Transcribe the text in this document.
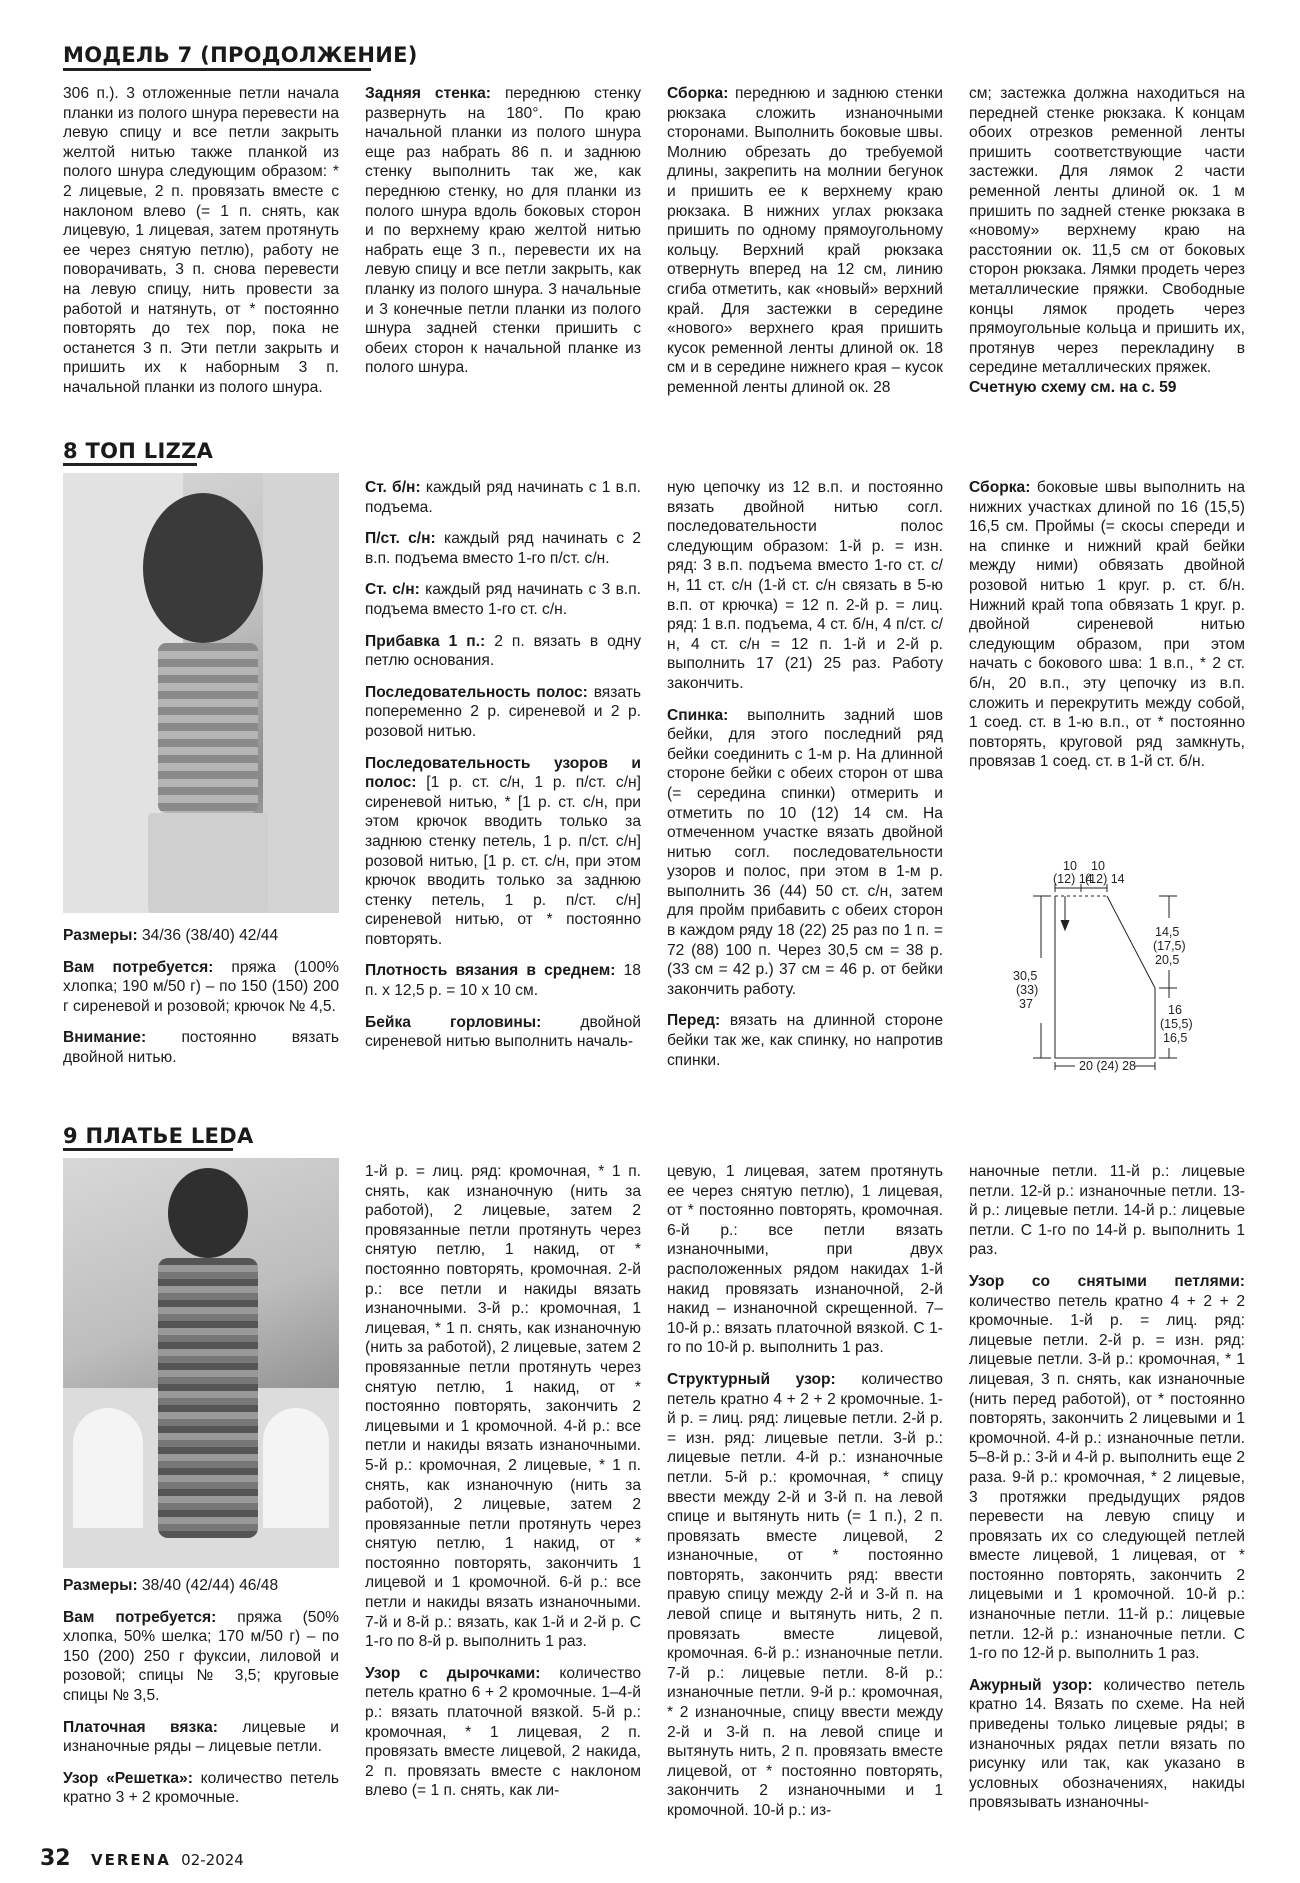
МОДЕЛЬ 7 (ПРОДОЛЖЕНИЕ)

306 п.). 3 отложенные петли начала планки из полого шнура перевести на левую спицу и все петли закрыть желтой нитью также планкой из полого шнура следующим образом: * 2 лицевые, 2 п. провязать вместе с наклоном влево (= 1 п. снять, как лицевую, 1 лицевая, затем протянуть ее через снятую петлю), работу не поворачивать, 3 п. снова перевести на левую спицу, нить провести за работой и натянуть, от * постоянно повторять до тех пор, пока не останется 3 п. Эти петли закрыть и пришить их к наборным 3 п. начальной планки из полого шнура.

Задняя стенка: переднюю стенку развернуть на 180°. По краю начальной планки из полого шнура еще раз набрать 86 п. и заднюю стенку выполнить так же, как переднюю стенку, но для планки из полого шнура вдоль боковых сторон и по верхнему краю желтой нитью набрать еще 3 п., перевести их на левую спицу и все петли закрыть, как планку из полого шнура. 3 начальные и 3 конечные петли планки из полого шнура задней стенки пришить с обеих сторон к начальной планке из полого шнура.

Сборка: переднюю и заднюю стенки рюкзака сложить изнаночными сторонами. Выполнить боковые швы. Молнию обрезать до требуемой длины, закрепить на молнии бегунок и пришить ее к верхнему краю рюкзака. В нижних углах рюкзака пришить по одному прямоугольному кольцу. Верхний край рюкзака отвернуть вперед на 12 см, линию сгиба отметить, как «новый» верхний край. Для застежки в середине «нового» верхнего края пришить кусок ременной ленты длиной ок. 18 см и в середине нижнего края – кусок ременной ленты длиной ок. 28

см; застежка должна находиться на передней стенке рюкзака. К концам обоих отрезков ременной ленты пришить соответствующие части застежки. Для лямок 2 части ременной ленты длиной ок. 1 м пришить по задней стенке рюкзака в «новому» верхнему краю на расстоянии ок. 11,5 см от боковых сторон рюкзака. Лямки продеть через металлические пряжки. Свободные концы лямок продеть через прямоугольные кольца и пришить их, протянув через перекладину в середине металлических пряжек.

Счетную схему см. на с. 59

8 ТОП LIZZA

Размеры: 34/36 (38/40) 42/44

Вам потребуется: пряжа (100% хлопка; 190 м/50 г) – по 150 (150) 200 г сиреневой и розовой; крючок № 4,5.

Внимание: постоянно вязать двойной нитью.

Ст. б/н: каждый ряд начинать с 1 в.п. подъема.

П/ст. с/н: каждый ряд начинать с 2 в.п. подъема вместо 1-го п/ст. с/н.

Ст. с/н: каждый ряд начинать с 3 в.п. подъема вместо 1-го ст. с/н.

Прибавка 1 п.: 2 п. вязать в одну петлю основания.

Последовательность полос: вязать попеременно 2 р. сиреневой и 2 р. розовой нитью.

Последовательность узоров и полос: [1 р. ст. с/н, 1 р. п/ст. с/н] сиреневой нитью, * [1 р. ст. с/н, при этом крючок вводить только за заднюю стенку петель, 1 р. п/ст. с/н] розовой нитью, [1 р. ст. с/н, при этом крючок вводить только за заднюю стенку петель, 1 р. п/ст. с/н] сиреневой нитью, от * постоянно повторять.

Плотность вязания в среднем: 18 п. х 12,5 р. = 10 х 10 см.

Бейка горловины: двойной сиреневой нитью выполнить началь-

ную цепочку из 12 в.п. и постоянно вязать двойной нитью согл. последовательности полос следующим образом: 1-й р. = изн. ряд: 3 в.п. подъема вместо 1-го ст. с/н, 11 ст. с/н (1-й ст. с/н связать в 5-ю в.п. от крючка) = 12 п. 2-й р. = лиц. ряд: 1 в.п. подъема, 4 ст. б/н, 4 п/ст. с/н, 4 ст. с/н = 12 п. 1-й и 2-й р. выполнить 17 (21) 25 раз. Работу закончить.

Спинка: выполнить задний шов бейки, для этого последний ряд бейки соединить с 1-м р. На длинной стороне бейки с обеих сторон от шва (= середина спинки) отмерить и отметить по 10 (12) 14 см. На отмеченном участке вязать двойной нитью согл. последовательности узоров и полос, при этом в 1-м р. выполнить 36 (44) 50 ст. с/н, затем для пройм прибавить с обеих сторон в каждом ряду 18 (22) 25 раз по 1 п. = 72 (88) 100 п. Через 30,5 см = 38 р. (33 см = 42 р.) 37 см = 46 р. от бейки закончить работу.

Перед: вязать на длинной стороне бейки так же, как спинку, но напротив спинки.

Сборка: боковые швы выполнить на нижних участках длиной по 16 (15,5) 16,5 см. Проймы (= скосы спереди и на спинке и нижний край бейки между ними) обвязать двойной розовой нитью 1 круг. р. ст. б/н. Нижний край топа обвязать 1 круг. р. двойной сиреневой нитью следующим образом, при этом начать с бокового шва: 1 в.п., * 2 ст. б/н, 20 в.п., эту цепочку из в.п. сложить и перекрутить между собой, 1 соед. ст. в 1-ю в.п., от * постоянно повторять, круговой ряд замкнуть, провязав 1 соед. ст. в 1-й ст. б/н.

10
(12) 14
10
(12) 14
14,5
(17,5)
20,5
30,5
(33)
37	16
(15,5)
16,5
20 (24) 28
9 ПЛАТЬЕ LEDA

Размеры: 38/40 (42/44) 46/48

Вам потребуется: пряжа (50% хлопка, 50% шелка; 170 м/50 г) – по 150 (200) 250 г фуксии, лиловой и розовой; спицы № 3,5; круговые спицы № 3,5.

Платочная вязка: лицевые и изнаночные ряды – лицевые петли.

Узор «Решетка»: количество петель кратно 3 + 2 кромочные.

1-й р. = лиц. ряд: кромочная, * 1 п. снять, как изнаночную (нить за работой), 2 лицевые, затем 2 провязанные петли протянуть через снятую петлю, 1 накид, от * постоянно повторять, кромочная. 2-й р.: все петли и накиды вязать изнаночными. 3-й р.: кромочная, 1 лицевая, * 1 п. снять, как изнаночную (нить за работой), 2 лицевые, затем 2 провязанные петли протянуть через снятую петлю, 1 накид, от * постоянно повторять, закончить 2 лицевыми и 1 кромочной. 4-й р.: все петли и накиды вязать изнаночными. 5-й р.: кромочная, 2 лицевые, * 1 п. снять, как изнаночную (нить за работой), 2 лицевые, затем 2 провязанные петли протянуть через снятую петлю, 1 накид, от * постоянно повторять, закончить 1 лицевой и 1 кромочной. 6-й р.: все петли и накиды вязать изнаночными. 7-й и 8-й р.: вязать, как 1-й и 2-й р. С 1-го по 8-й р. выполнить 1 раз.

Узор с дырочками: количество петель кратно 6 + 2 кромочные. 1–4-й р.: вязать платочной вязкой. 5-й р.: кромочная, * 1 лицевая, 2 п. провязать вместе лицевой, 2 накида, 2 п. провязать вместе с наклоном влево (= 1 п. снять, как ли-

цевую, 1 лицевая, затем протянуть ее через снятую петлю), 1 лицевая, от * постоянно повторять, кромочная. 6-й р.: все петли вязать изнаночными, при двух расположенных рядом накидах 1-й накид провязать изнаночной, 2-й накид – изнаночной скрещенной. 7–10-й р.: вязать платочной вязкой. С 1-го по 10-й р. выполнить 1 раз.

Структурный узор: количество петель кратно 4 + 2 + 2 кромочные. 1-й р. = лиц. ряд: лицевые петли. 2-й р. = изн. ряд: лицевые петли. 3-й р.: лицевые петли. 4-й р.: изнаночные петли. 5-й р.: кромочная, * спицу ввести между 2-й и 3-й п. на левой спице и вытянуть нить (= 1 п.), 2 п. провязать вместе лицевой, 2 изнаночные, от * постоянно повторять, закончить ряд: ввести правую спицу между 2-й и 3-й п. на левой спице и вытянуть нить, 2 п. провязать вместе лицевой, кромочная. 6-й р.: изнаночные петли. 7-й р.: лицевые петли. 8-й р.: изнаночные петли. 9-й р.: кромочная, * 2 изнаночные, спицу ввести между 2-й и 3-й п. на левой спице и вытянуть нить, 2 п. провязать вместе лицевой, от * постоянно повторять, закончить 2 изнаночными и 1 кромочной. 10-й р.: из-

наночные петли. 11-й р.: лицевые петли. 12-й р.: изнаночные петли. 13-й р.: лицевые петли. 14-й р.: лицевые петли. С 1-го по 14-й р. выполнить 1 раз.

Узор со снятыми петлями: количество петель кратно 4 + 2 + 2 кромочные. 1-й р. = лиц. ряд: лицевые петли. 2-й р. = изн. ряд: лицевые петли. 3-й р.: кромочная, * 1 лицевая, 3 п. снять, как изнаночные (нить перед работой), от * постоянно повторять, закончить 2 лицевыми и 1 кромочной. 4-й р.: изнаночные петли. 5–8-й р.: 3-й и 4-й р. выполнить еще 2 раза. 9-й р.: кромочная, * 2 лицевые, 3 протяжки предыдущих рядов перевести на левую спицу и провязать их со следующей петлей вместе лицевой, 1 лицевая, от * постоянно повторять, закончить 2 лицевыми и 1 кромочной. 10-й р.: изнаночные петли. 11-й р.: лицевые петли. 12-й р.: изнаночные петли. С 1-го по 12-й р. выполнить 1 раз.

Ажурный узор: количество петель кратно 14. Вязать по схеме. На ней приведены только лицевые ряды; в изнаночных рядах петли вязать по рисунку или так, как указано в условных обозначениях, накиды провязывать изнаночны-

32 VERENA 02-2024
